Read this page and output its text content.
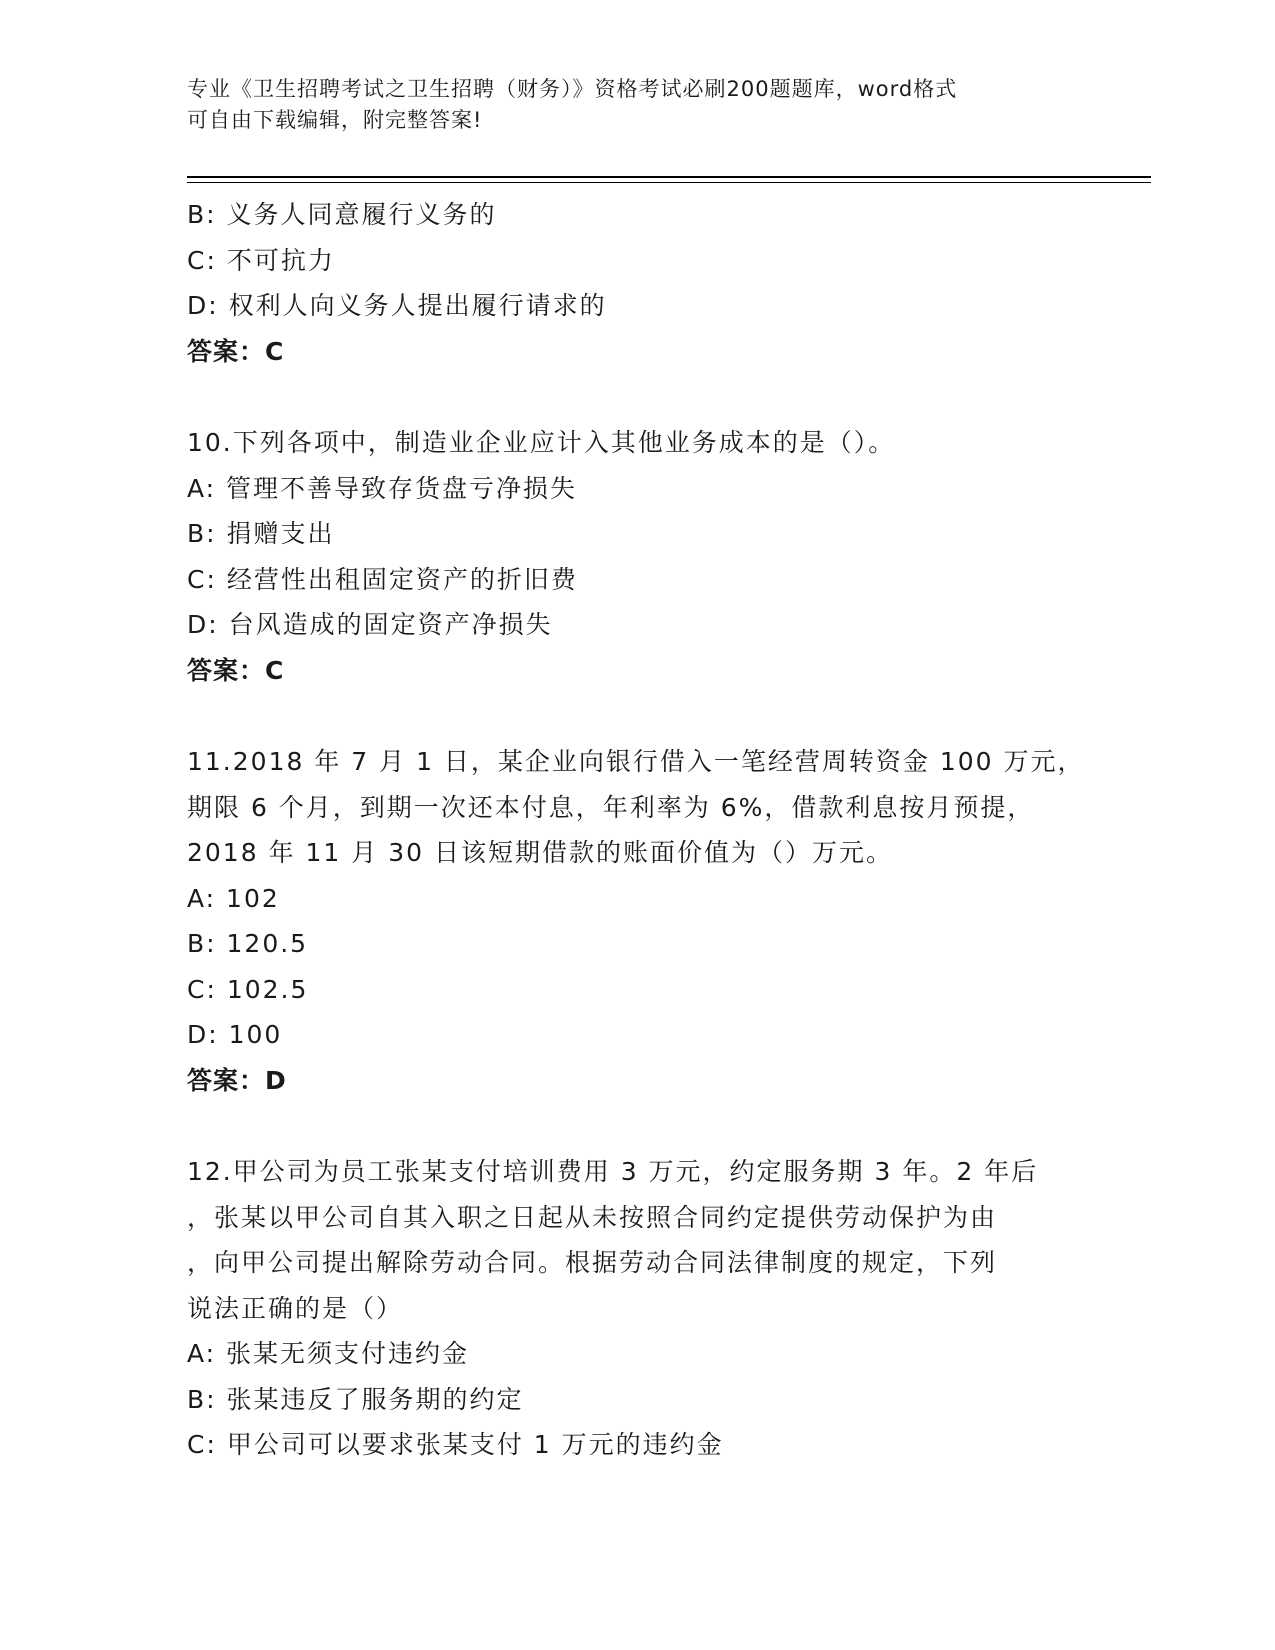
专业《卫生招聘考试之卫生招聘（财务）》资格考试必刷200题题库，word格式
可自由下载编辑，附完整答案!
B: 义务人同意履行义务的
C: 不可抗力
D: 权利人向义务人提出履行请求的
答案：C
10.下列各项中，制造业企业应计入其他业务成本的是（）。
A: 管理不善导致存货盘亏净损失
B: 捐赠支出
C: 经营性出租固定资产的折旧费
D: 台风造成的固定资产净损失
答案：C
11.2018 年 7 月 1 日，某企业向银行借入一笔经营周转资金 100 万元，
期限 6 个月，到期一次还本付息，年利率为 6%，借款利息按月预提，
2018 年 11 月 30 日该短期借款的账面价值为（）万元。
A: 102
B: 120.5
C: 102.5
D: 100
答案：D
12.甲公司为员工张某支付培训费用 3 万元，约定服务期 3 年。2 年后
，张某以甲公司自其入职之日起从未按照合同约定提供劳动保护为由
，向甲公司提出解除劳动合同。根据劳动合同法律制度的规定，下列
说法正确的是（）
A: 张某无须支付违约金
B: 张某违反了服务期的约定
C: 甲公司可以要求张某支付 1 万元的违约金
